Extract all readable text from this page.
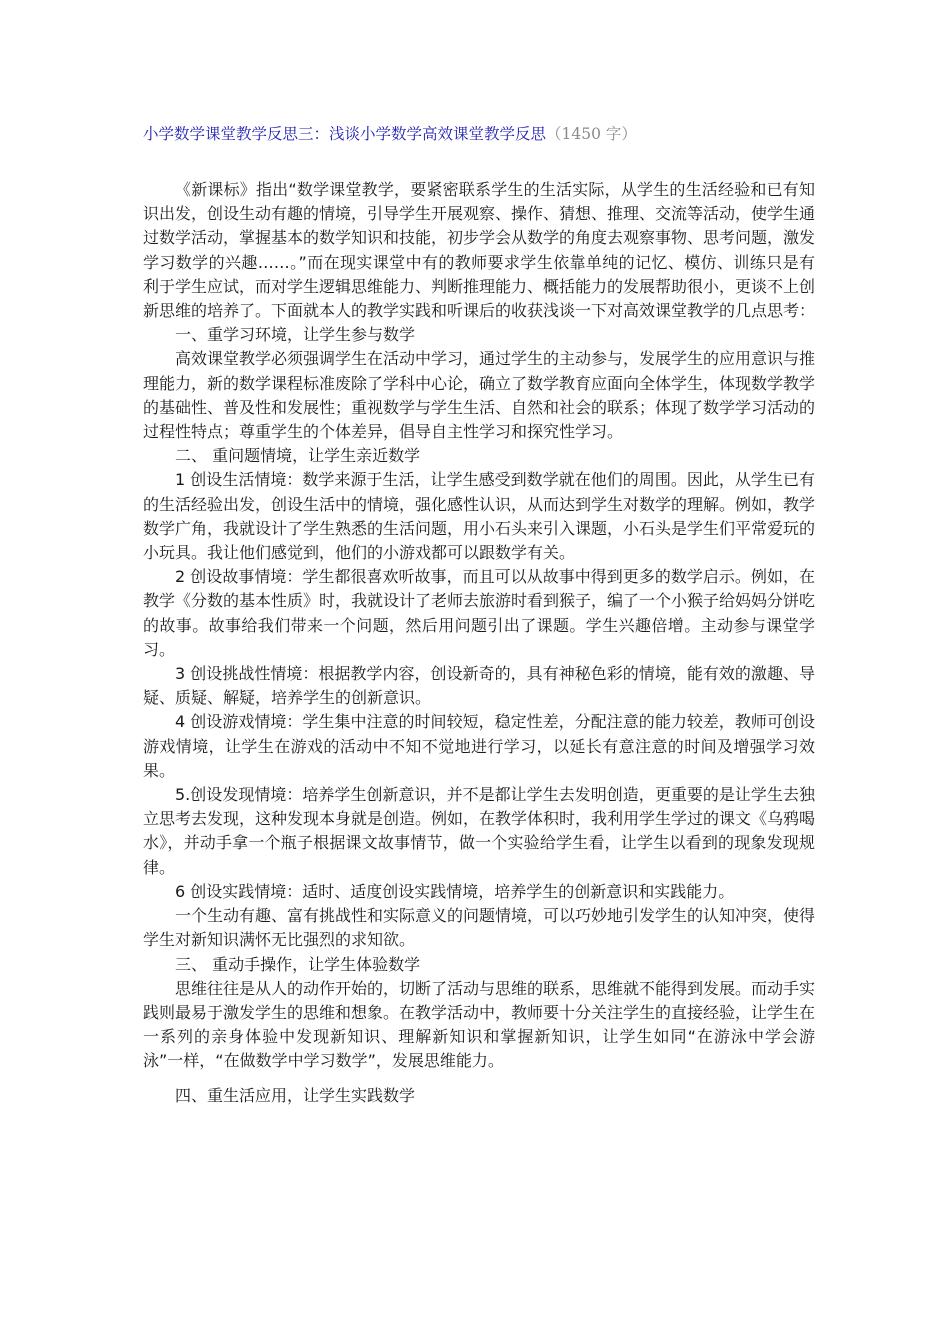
小学数学课堂教学反思三：浅谈小学数学高效课堂教学反思（1450 字）

《新课标》指出“数学课堂教学，要紧密联系学生的生活实际，从学生的生活经验和已有知识出发，创设生动有趣的情境，引导学生开展观察、操作、猜想、推理、交流等活动，使学生通过数学活动，掌握基本的数学知识和技能，初步学会从数学的角度去观察事物、思考问题，激发学习数学的兴趣……。”而在现实课堂中有的教师要求学生依靠单纯的记忆、模仿、训练只是有利于学生应试，而对学生逻辑思维能力、判断推理能力、概括能力的发展帮助很小，更谈不上创新思维的培养了。下面就本人的教学实践和听课后的收获浅谈一下对高效课堂教学的几点思考：

一、重学习环境，让学生参与数学

高效课堂教学必须强调学生在活动中学习，通过学生的主动参与，发展学生的应用意识与推理能力，新的数学课程标准废除了学科中心论，确立了数学教育应面向全体学生，体现数学教学的基础性、普及性和发展性；重视数学与学生生活、自然和社会的联系；体现了数学学习活动的过程性特点；尊重学生的个体差异，倡导自主性学习和探究性学习。

二、 重问题情境，让学生亲近数学

1 创设生活情境：数学来源于生活，让学生感受到数学就在他们的周围。因此，从学生已有的生活经验出发，创设生活中的情境，强化感性认识，从而达到学生对数学的理解。例如，教学数学广角，我就设计了学生熟悉的生活问题，用小石头来引入课题，小石头是学生们平常爱玩的小玩具。我让他们感觉到，他们的小游戏都可以跟数学有关。

2 创设故事情境：学生都很喜欢听故事，而且可以从故事中得到更多的数学启示。例如，在教学《分数的基本性质》时，我就设计了老师去旅游时看到猴子，编了一个小猴子给妈妈分饼吃的故事。故事给我们带来一个问题，然后用问题引出了课题。学生兴趣倍增。主动参与课堂学习。

3 创设挑战性情境：根据教学内容，创设新奇的，具有神秘色彩的情境，能有效的激趣、导疑、质疑、解疑，培养学生的创新意识。

4 创设游戏情境：学生集中注意的时间较短，稳定性差，分配注意的能力较差，教师可创设游戏情境，让学生在游戏的活动中不知不觉地进行学习，以延长有意注意的时间及增强学习效果。

5.创设发现情境：培养学生创新意识，并不是都让学生去发明创造，更重要的是让学生去独立思考去发现，这种发现本身就是创造。例如，在教学体积时，我利用学生学过的课文《乌鸦喝水》，并动手拿一个瓶子根据课文故事情节，做一个实验给学生看，让学生以看到的现象发现规律。

6 创设实践情境：适时、适度创设实践情境，培养学生的创新意识和实践能力。

一个生动有趣、富有挑战性和实际意义的问题情境，可以巧妙地引发学生的认知冲突，使得学生对新知识满怀无比强烈的求知欲。

三、 重动手操作，让学生体验数学

思维往往是从人的动作开始的，切断了活动与思维的联系，思维就不能得到发展。而动手实践则最易于激发学生的思维和想象。在教学活动中，教师要十分关注学生的直接经验，让学生在一系列的亲身体验中发现新知识、理解新知识和掌握新知识，让学生如同“在游泳中学会游泳”一样，“在做数学中学习数学”，发展思维能力。

四、重生活应用，让学生实践数学
